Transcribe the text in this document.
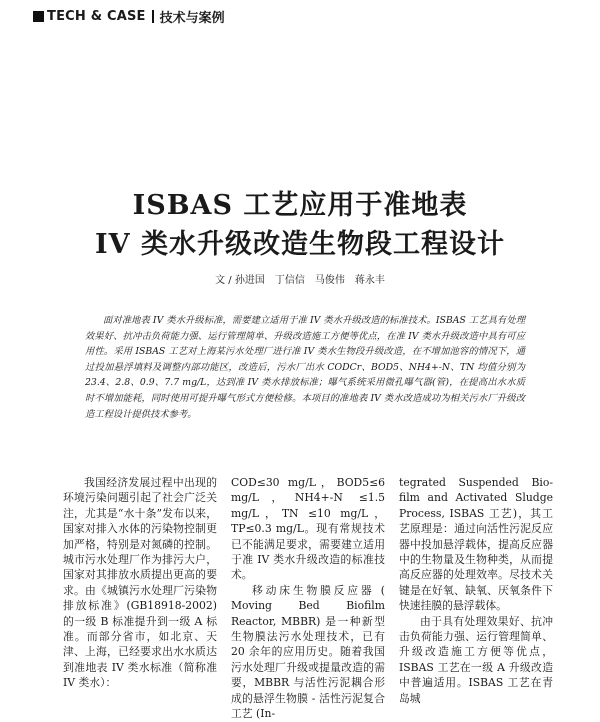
TECH & CASE 技术与案例
ISBAS 工艺应用于准地表
IV 类水升级改造生物段工程设计
文 / 孙进国　丁信信　马俊伟　蒋永丰
面对准地表 IV 类水升级标准，需要建立适用于准 IV 类水升级改造的标准技术。ISBAS 工艺具有处理效果好、抗冲击负荷能力强、运行管理简单、升级改造施工方便等优点，在准 IV 类水升级改造中具有可应用性。采用 ISBAS 工艺对上海某污水处理厂进行准 IV 类水生物段升级改造，在不增加池容的情况下，通过投加悬浮填料及调整内部功能区，改造后，污水厂出水 CODCr、BOD5、NH4+-N、TN 均值分别为 23.4、2.8、0.9、7.7 mg/L，达到准 IV 类水排放标准；曝气系统采用微孔曝气器(管)，在提高出水水质时不增加能耗，同时使用可提升曝气形式方便检修。本项目的准地表 IV 类水改造成功为相关污水厂升级改造工程设计提供技术参考。

我国经济发展过程中出现的环境污染问题引起了社会广泛关注，尤其是“水十条”发布以来，国家对排入水体的污染物控制更加严格，特别是对氮磷的控制。城市污水处理厂作为排污大户，国家对其排放水质提出更高的要求。由《城镇污水处理厂污染物排放标准》(GB18918-2002) 的一级 B 标准提升到一级 A 标准。而部分省市，如北京、天津、上海，已经要求出水水质达到准地表 IV 类水标准（简称准 IV 类水）：

COD≤30 mg/L，BOD5≤6 mg/L，NH4+-N ≤1.5 mg/L，TN ≤10 mg/L，TP≤0.3 mg/L。现有常规技术已不能满足要求，需要建立适用于准 IV 类水升级改造的标准技术。

移动床生物膜反应器 ( Moving Bed Biofilm Reactor, MBBR) 是一种新型生物膜法污水处理技术，已有 20 余年的应用历史。随着我国污水处理厂升级或提量改造的需要，MBBR 与活性污泥耦合形成的悬浮生物膜 - 活性污泥复合工艺 (In-

tegrated Suspended Bio-film and Activated Sludge Process, ISBAS 工艺)，其工艺原理是：通过向活性污泥反应器中投加悬浮载体，提高反应器中的生物量及生物种类，从而提高反应器的处理效率。尽技术关键是在好氧、缺氧、厌氧条件下快速挂膜的悬浮载体。

由于具有处理效果好、抗冲击负荷能力强、运行管理简单、升级改造施工方便等优点，ISBAS 工艺在一级 A 升级改造中普遍适用。ISBAS 工艺在青岛城
